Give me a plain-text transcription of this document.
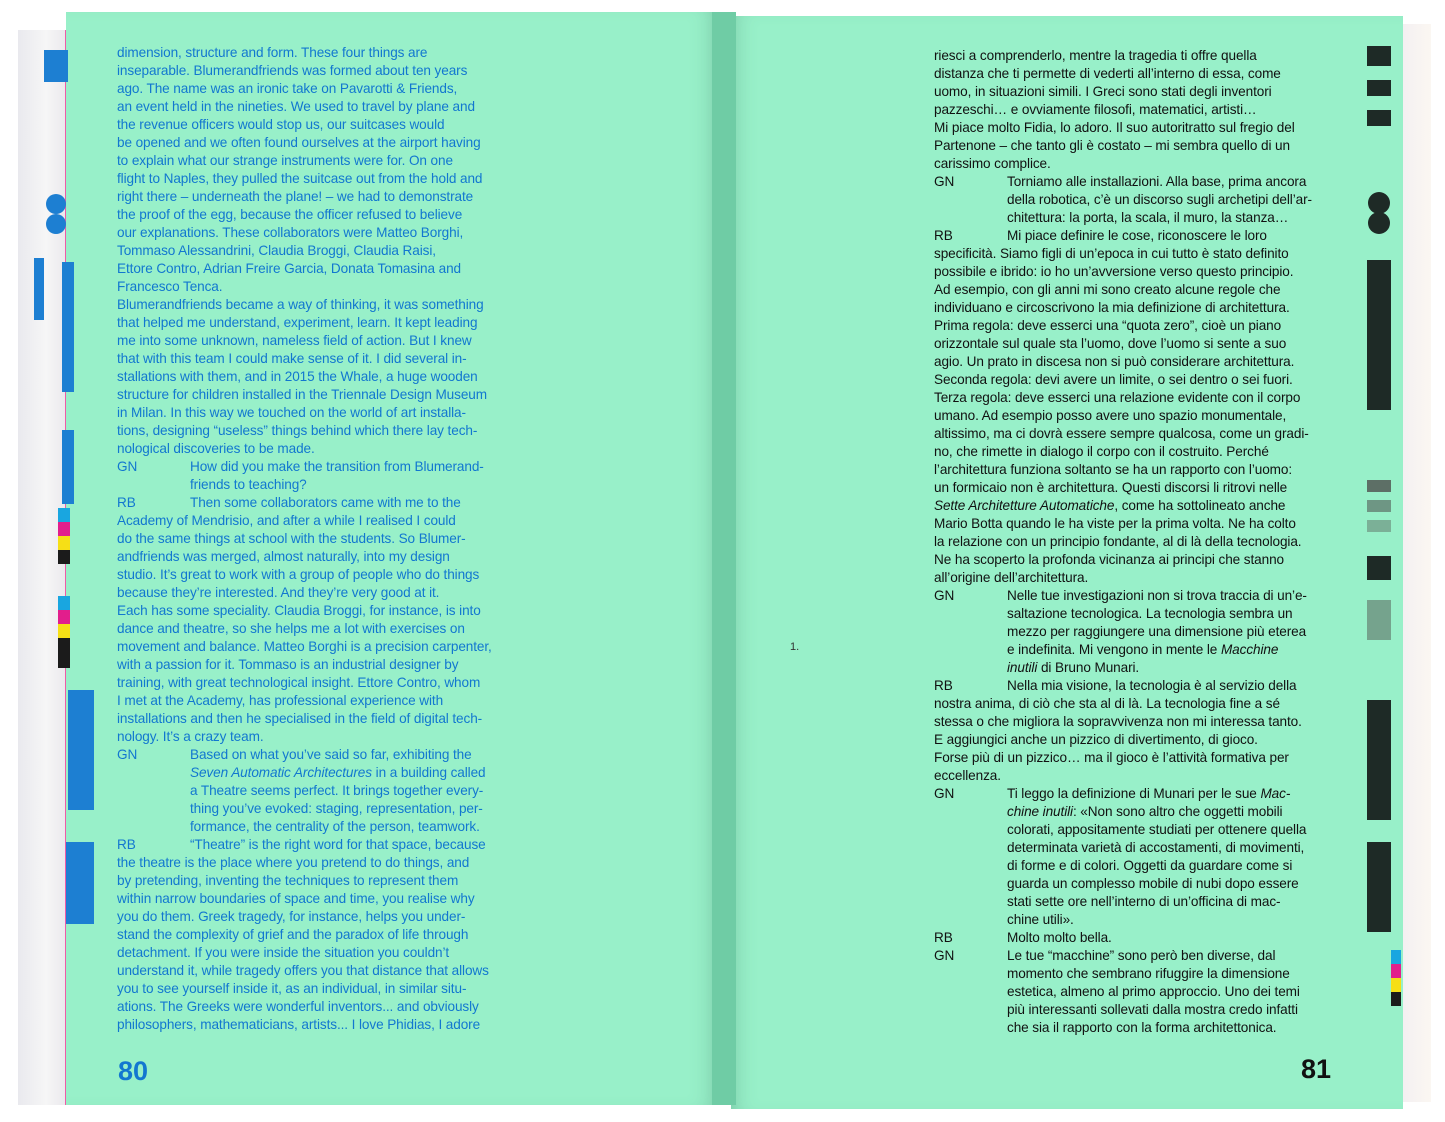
dimension, structure and form. These four things are
inseparable. Blumerandfriends was formed about ten years
ago. The name was an ironic take on Pavarotti & Friends,
an event held in the nineties. We used to travel by plane and
the revenue officers would stop us, our suitcases would
be opened and we often found ourselves at the airport having
to explain what our strange instruments were for. On one
flight to Naples, they pulled the suitcase out from the hold and
right there – underneath the plane! – we had to demonstrate
the proof of the egg, because the officer refused to believe
our explanations. These collaborators were Matteo Borghi,
Tommaso Alessandrini, Claudia Broggi, Claudia Raisi,
Ettore Contro, Adrian Freire Garcia, Donata Tomasina and
Francesco Tenca.
Blumerandfriends became a way of thinking, it was something
that helped me understand, experiment, learn. It kept leading
me into some unknown, nameless field of action. But I knew
that with this team I could make sense of it. I did several in-
stallations with them, and in 2015 the Whale, a huge wooden
structure for children installed in the Triennale Design Museum
in Milan. In this way we touched on the world of art installa-
tions, designing “useless” things behind which there lay tech-
nological discoveries to be made.
GN	How did you make the transition from Blumerand-
friends to teaching?
RB	Then some collaborators came with me to the
Academy of Mendrisio, and after a while I realised I could
do the same things at school with the students. So Blumer-
andfriends was merged, almost naturally, into my design
studio. It’s great to work with a group of people who do things
because they’re interested. And they’re very good at it.
Each has some speciality. Claudia Broggi, for instance, is into
dance and theatre, so she helps me a lot with exercises on
movement and balance. Matteo Borghi is a precision carpenter,
with a passion for it. Tommaso is an industrial designer by
training, with great technological insight. Ettore Contro, whom
I met at the Academy, has professional experience with
installations and then he specialised in the field of digital tech-
nology. It’s a crazy team.
GN	Based on what you’ve said so far, exhibiting the
Seven Automatic Architectures in a building called
a Theatre seems perfect. It brings together every-
thing you’ve evoked: staging, representation, per-
formance, the centrality of the person, teamwork.
RB	“Theatre” is the right word for that space, because
the theatre is the place where you pretend to do things, and
by pretending, inventing the techniques to represent them
within narrow boundaries of space and time, you realise why
you do them. Greek tragedy, for instance, helps you under-
stand the complexity of grief and the paradox of life through
detachment. If you were inside the situation you couldn’t
understand it, while tragedy offers you that distance that allows
you to see yourself inside it, as an individual, in similar situ-
ations. The Greeks were wonderful inventors... and obviously
philosophers, mathematicians, artists... I love Phidias, I adore
riesci a comprenderlo, mentre la tragedia ti offre quella
distanza che ti permette di vederti all’interno di essa, come
uomo, in situazioni simili. I Greci sono stati degli inventori
pazzeschi… e ovviamente filosofi, matematici, artisti…
Mi piace molto Fidia, lo adoro. Il suo autoritratto sul fregio del
Partenone – che tanto gli è costato – mi sembra quello di un
carissimo complice.
GN	Torniamo alle installazioni. Alla base, prima ancora
della robotica, c’è un discorso sugli archetipi dell’ar-
chitettura: la porta, la scala, il muro, la stanza…
RB	Mi piace definire le cose, riconoscere le loro
specificità. Siamo figli di un’epoca in cui tutto è stato definito
possibile e ibrido: io ho un’avversione verso questo principio.
Ad esempio, con gli anni mi sono creato alcune regole che
individuano e circoscrivono la mia definizione di architettura.
Prima regola: deve esserci una “quota zero”, cioè un piano
orizzontale sul quale sta l’uomo, dove l’uomo si sente a suo
agio. Un prato in discesa non si può considerare architettura.
Seconda regola: devi avere un limite, o sei dentro o sei fuori.
Terza regola: deve esserci una relazione evidente con il corpo
umano. Ad esempio posso avere uno spazio monumentale,
altissimo, ma ci dovrà essere sempre qualcosa, come un gradi-
no, che rimette in dialogo il corpo con il costruito. Perché
l’architettura funziona soltanto se ha un rapporto con l’uomo:
un formicaio non è architettura. Questi discorsi li ritrovi nelle
Sette Architetture Automatiche, come ha sottolineato anche
Mario Botta quando le ha viste per la prima volta. Ne ha colto
la relazione con un principio fondante, al di là della tecnologia.
Ne ha scoperto la profonda vicinanza ai principi che stanno
all’origine dell’architettura.
GN	Nelle tue investigazioni non si trova traccia di un’e-
saltazione tecnologica. La tecnologia sembra un
mezzo per raggiungere una dimensione più eterea
e indefinita. Mi vengono in mente le Macchine
inutili di Bruno Munari.
RB	Nella mia visione, la tecnologia è al servizio della
nostra anima, di ciò che sta al di là. La tecnologia fine a sé
stessa o che migliora la sopravvivenza non mi interessa tanto.
E aggiungici anche un pizzico di divertimento, di gioco.
Forse più di un pizzico… ma il gioco è l’attività formativa per
eccellenza.
GN	Ti leggo la definizione di Munari per le sue Mac-
chine inutili: «Non sono altro che oggetti mobili
colorati, appositamente studiati per ottenere quella
determinata varietà di accostamenti, di movimenti,
di forme e di colori. Oggetti da guardare come si
guarda un complesso mobile di nubi dopo essere
stati sette ore nell’interno di un’officina di mac-
chine utili».
RB	Molto molto bella.
GN	Le tue “macchine” sono però ben diverse, dal
momento che sembrano rifuggire la dimensione
estetica, almeno al primo approccio. Uno dei temi
più interessanti sollevati dalla mostra credo infatti
che sia il rapporto con la forma architettonica.
1.
80	81
